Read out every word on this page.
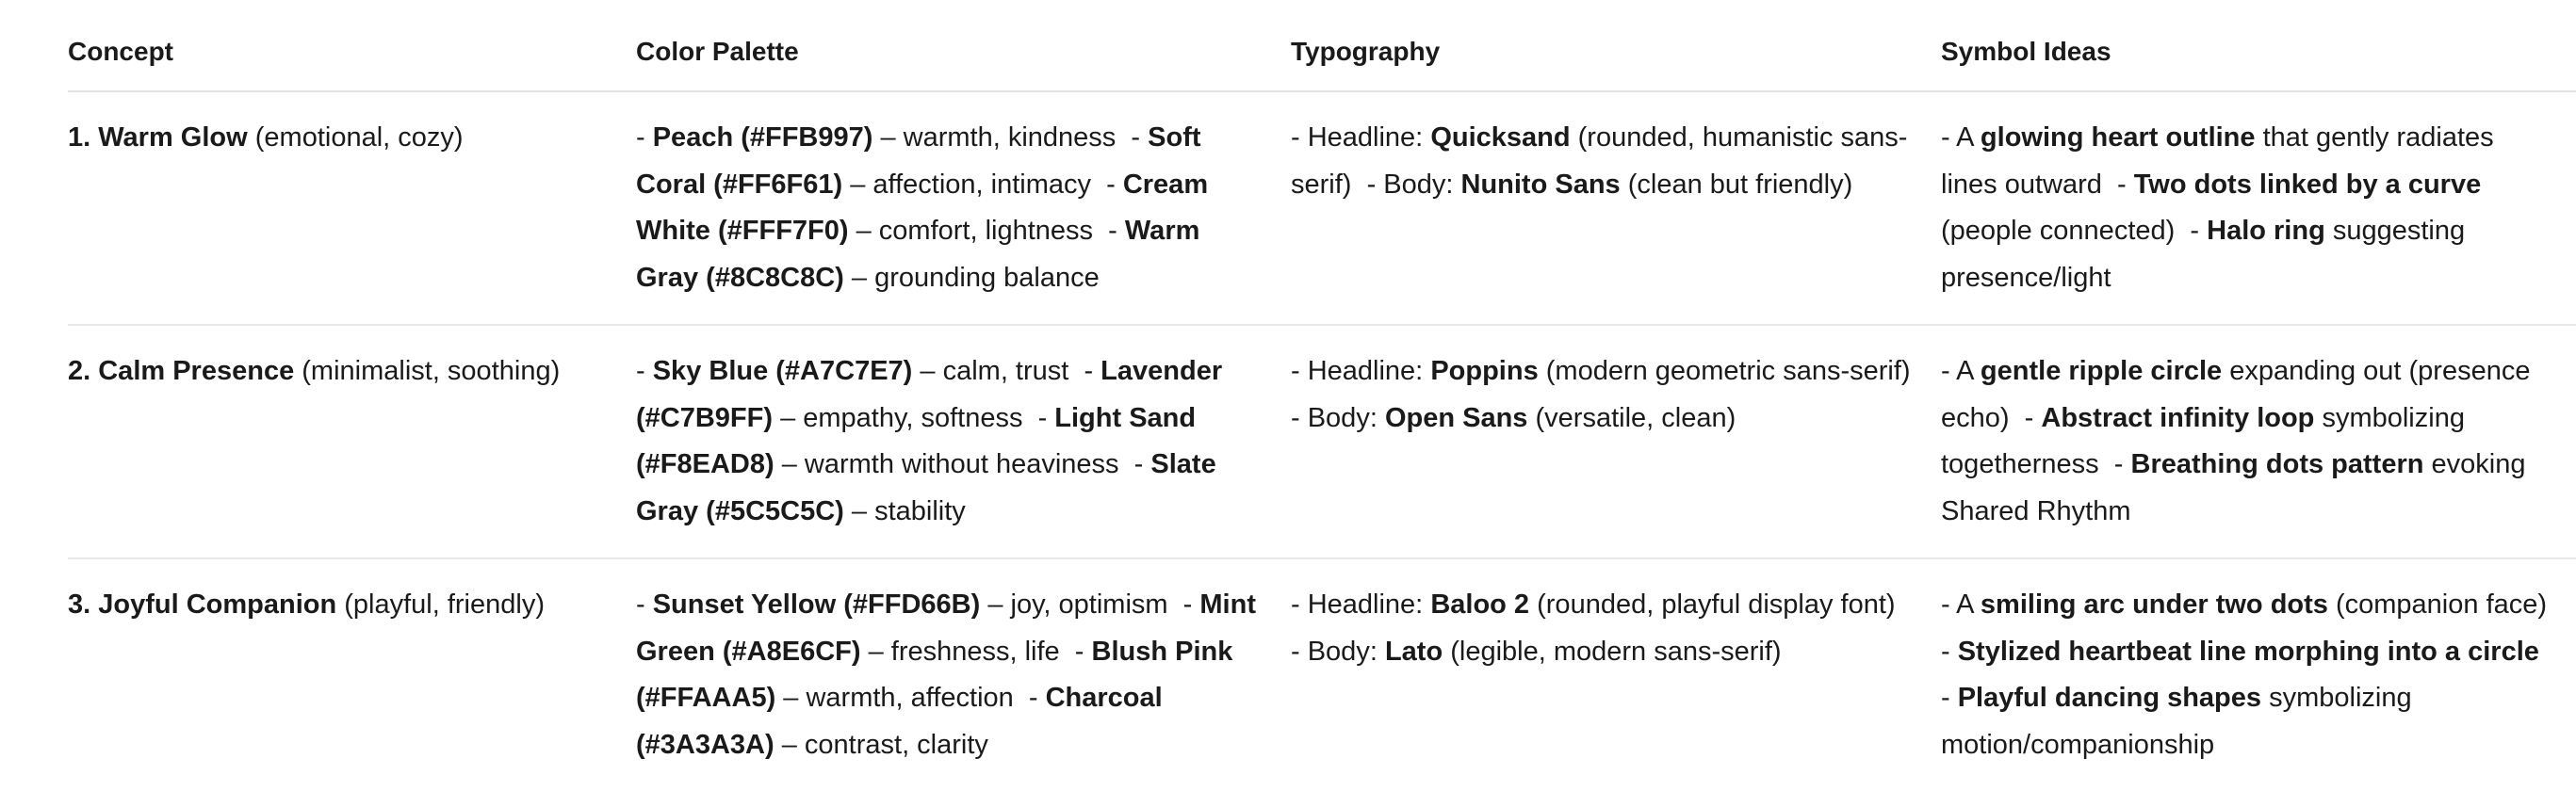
Concept	Color Palette	Typography	Symbol Ideas
1. Warm Glow (emotional, cozy)	- Peach (#FFB997) – warmth, kindness  - Soft Coral (#FF6F61) – affection, intimacy  - Cream White (#FFF7F0) – comfort, lightness  - Warm Gray (#8C8C8C) – grounding balance	- Headline: Quicksand (rounded, humanistic sans-serif)  - Body: Nunito Sans (clean but friendly)	- A glowing heart outline that gently radiates lines outward  - Two dots linked by a curve (people connected)  - Halo ring suggesting presence/light
2. Calm Presence (minimalist, soothing)	- Sky Blue (#A7C7E7) – calm, trust  - Lavender (#C7B9FF) – empathy, softness  - Light Sand (#F8EAD8) – warmth without heaviness  - Slate Gray (#5C5C5C) – stability	- Headline: Poppins (modern geometric sans-serif)  - Body: Open Sans (versatile, clean)	- A gentle ripple circle expanding out (presence echo)  - Abstract infinity loop symbolizing togetherness  - Breathing dots pattern evoking Shared Rhythm
3. Joyful Companion (playful, friendly)	- Sunset Yellow (#FFD66B) – joy, optimism  - Mint Green (#A8E6CF) – freshness, life  - Blush Pink (#FFAAA5) – warmth, affection  - Charcoal (#3A3A3A) – contrast, clarity	- Headline: Baloo 2 (rounded, playful display font)  - Body: Lato (legible, modern sans-serif)	- A smiling arc under two dots (companion face)  - Stylized heartbeat line morphing into a circle  - Playful dancing shapes symbolizing motion/companionship
